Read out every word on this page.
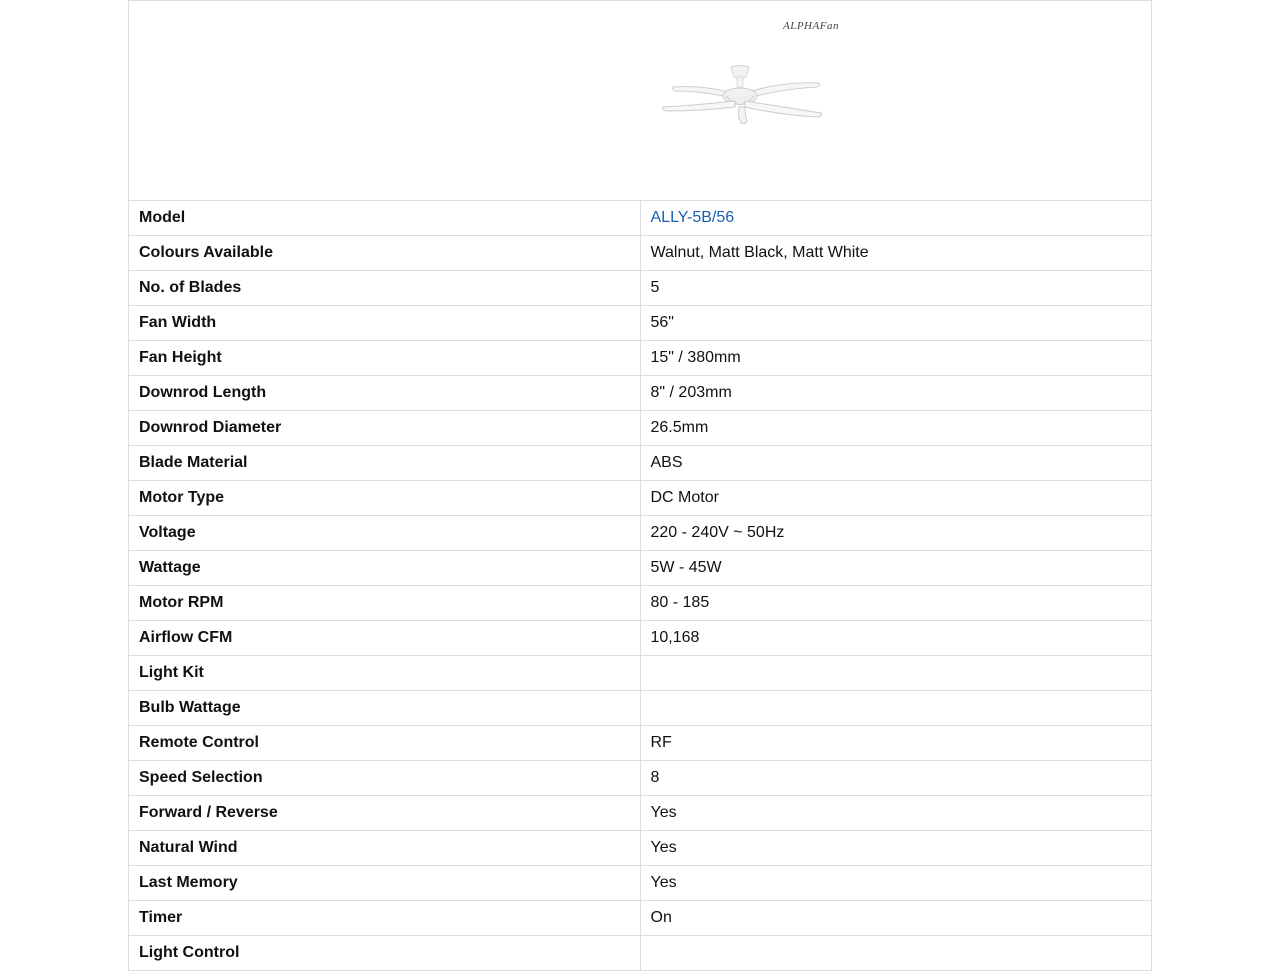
ALPHAFan	

Model	ALLY-5B/56
Colours Available	Walnut, Matt Black, Matt White
No. of Blades	5
Fan Width	56"
Fan Height	15" / 380mm
Downrod Length	8" / 203mm
Downrod Diameter	26.5mm
Blade Material	ABS
Motor Type	DC Motor
Voltage	220 - 240V ~ 50Hz
Wattage	5W - 45W
Motor RPM	80 - 185
Airflow CFM	10,168
Light Kit	
Bulb Wattage	
Remote Control	RF
Speed Selection	8
Forward / Reverse	Yes
Natural Wind	Yes
Last Memory	Yes
Timer	On
Light Control	
